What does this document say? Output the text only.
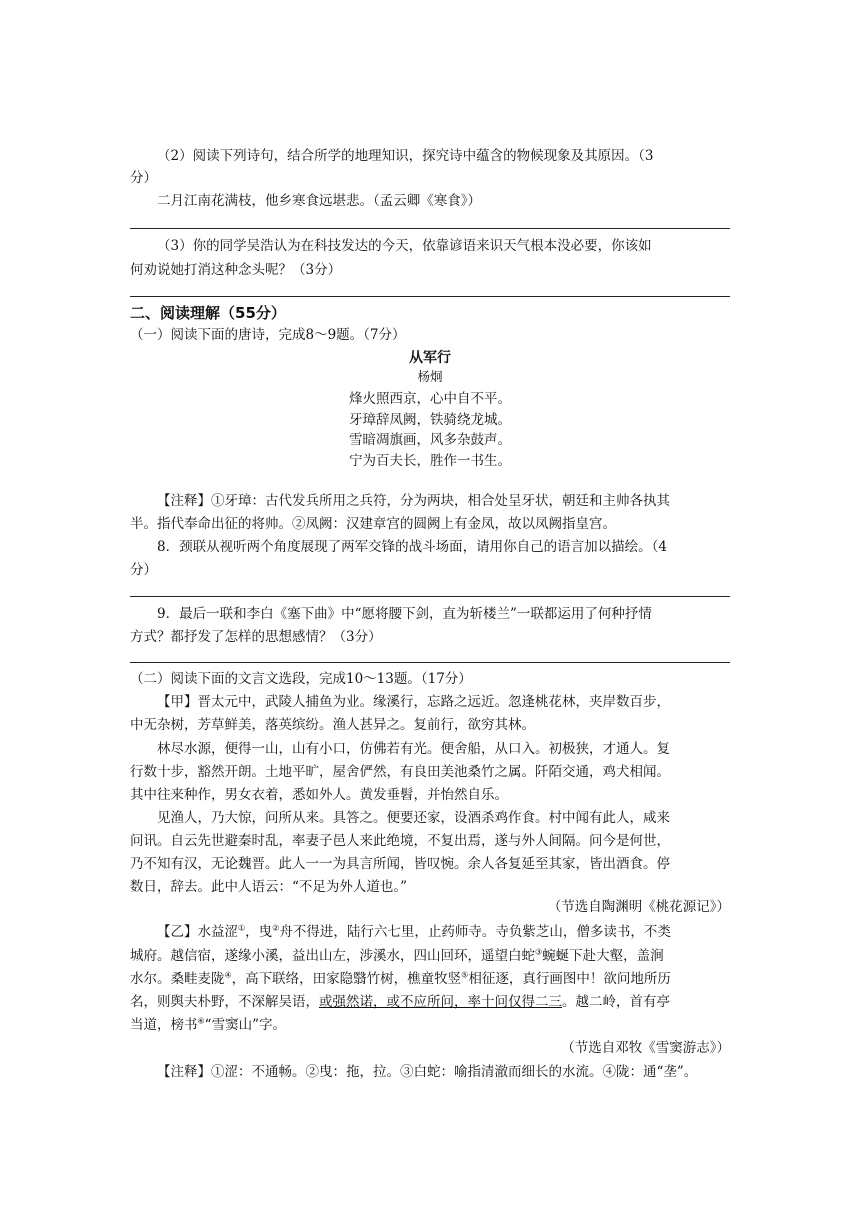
（2）阅读下列诗句，结合所学的地理知识，探究诗中蕴含的物候现象及其原因。（3
分）
二月江南花满枝，他乡寒食远堪悲。（孟云卿《寒食》）
（3）你的同学吴浩认为在科技发达的今天，依靠谚语来识天气根本没必要，你该如
何劝说她打消这种念头呢？（3分）
二、阅读理解（55分）
（一）阅读下面的唐诗，完成8～9题。（7分）
从军行
杨炯
烽火照西京，心中自不平。
牙璋辞凤阙，铁骑绕龙城。
雪暗凋旗画，风多杂鼓声。
宁为百夫长，胜作一书生。
【注释】①牙璋：古代发兵所用之兵符，分为两块，相合处呈牙状，朝廷和主帅各执其
半。指代奉命出征的将帅。②凤阙：汉建章宫的圆阙上有金凤，故以凤阙指皇宫。
8．颈联从视听两个角度展现了两军交锋的战斗场面，请用你自己的语言加以描绘。（4
分）
9．最后一联和李白《塞下曲》中“愿将腰下剑，直为斩楼兰”一联都运用了何种抒情
方式？都抒发了怎样的思想感情？（3分）
（二）阅读下面的文言文选段，完成10～13题。（17分）
【甲】晋太元中，武陵人捕鱼为业。缘溪行，忘路之远近。忽逢桃花林，夹岸数百步，
中无杂树，芳草鲜美，落英缤纷。渔人甚异之。复前行，欲穷其林。
林尽水源，便得一山，山有小口，仿佛若有光。便舍船，从口入。初极狭，才通人。复
行数十步，豁然开朗。土地平旷，屋舍俨然，有良田美池桑竹之属。阡陌交通，鸡犬相闻。
其中往来种作，男女衣着，悉如外人。黄发垂髫，并怡然自乐。
见渔人，乃大惊，问所从来。具答之。便要还家，设酒杀鸡作食。村中闻有此人，咸来
问讯。自云先世避秦时乱，率妻子邑人来此绝境，不复出焉，遂与外人间隔。问今是何世，
乃不知有汉，无论魏晋。此人一一为具言所闻，皆叹惋。余人各复延至其家，皆出酒食。停
数日，辞去。此中人语云：“不足为外人道也。”
（节选自陶渊明《桃花源记》）
【乙】水益涩①，曳②舟不得进，陆行六七里，止药师寺。寺负紫芝山，僧多读书，不类
城府。越信宿，遂缘小溪，益出山左，涉溪水，四山回环，遥望白蛇③蜿蜒下赴大壑，盖涧
水尔。桑畦麦陇④，高下联络，田家隐翳竹树，樵童牧竖⑤相征逐，真行画图中！欲问地所历
名，则舆夫朴野，不深解吴语，或强然诺，或不应所问，率十问仅得二三。越二岭，首有亭
当道，榜书⑥“雪窦山”字。
（节选自邓牧《雪窦游志》）
【注释】①涩：不通畅。②曳：拖，拉。③白蛇：喻指清澈而细长的水流。④陇：通“垄”。
